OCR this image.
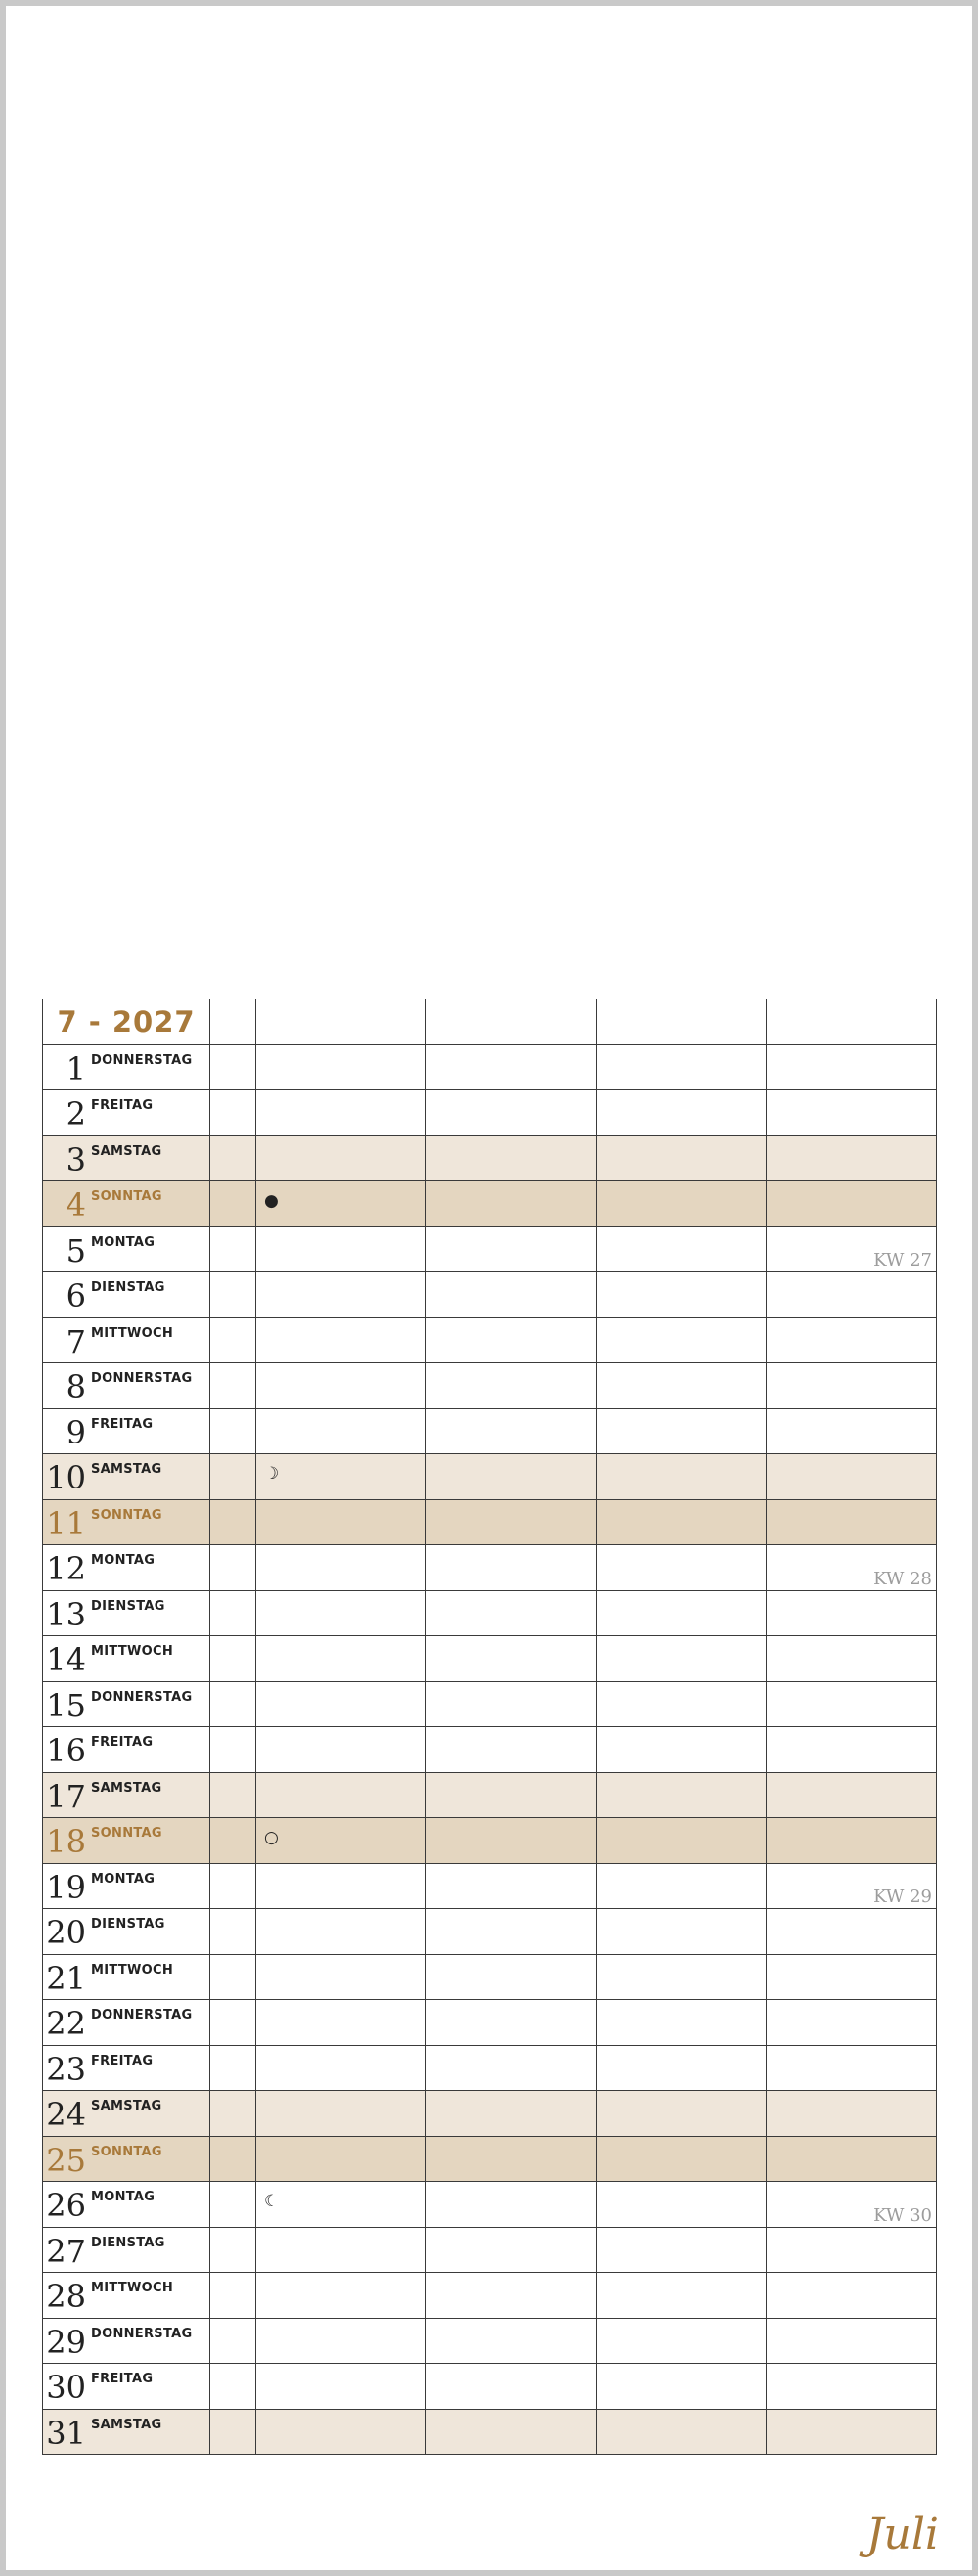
7 - 2027					

1 DONNERSTAG					

2 FREITAG					

3 SAMSTAG					

4 SONNTAG		●			

5 MONTAG					KW 27

6 DIENSTAG					

7 MITTWOCH					

8 DONNERSTAG					

9 FREITAG					

10 SAMSTAG		☽			

11 SONNTAG					

12 MONTAG					KW 28

13 DIENSTAG					

14 MITTWOCH					

15 DONNERSTAG					

16 FREITAG					

17 SAMSTAG					

18 SONNTAG		○			

19 MONTAG					KW 29

20 DIENSTAG					

21 MITTWOCH					

22 DONNERSTAG					

23 FREITAG					

24 SAMSTAG					

25 SONNTAG					

26 MONTAG		☾			KW 30

27 DIENSTAG					

28 MITTWOCH					

29 DONNERSTAG					

30 FREITAG					

31 SAMSTAG					

Juli
